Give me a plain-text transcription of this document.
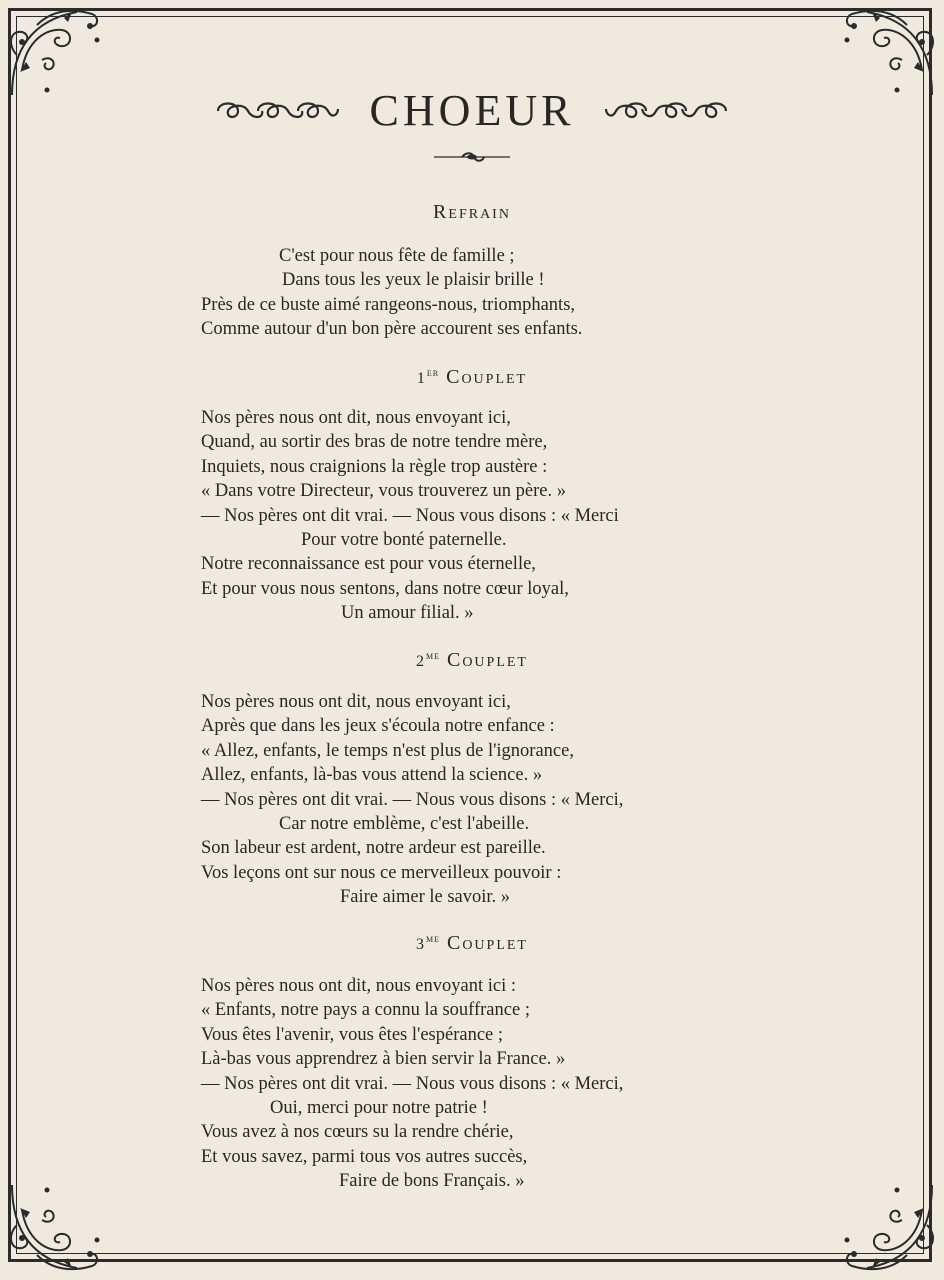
CHOEUR
Refrain
C'est pour nous fête de famille ;
Dans tous les yeux le plaisir brille !
Près de ce buste aimé rangeons-nous, triomphants,
Comme autour d'un bon père accourent ses enfants.
1ER Couplet
Nos pères nous ont dit, nous envoyant ici,
Quand, au sortir des bras de notre tendre mère,
Inquiets, nous craignions la règle trop austère :
« Dans votre Directeur, vous trouverez un père. »
— Nos pères ont dit vrai. — Nous vous disons : « Merci
Pour votre bonté paternelle.
Notre reconnaissance est pour vous éternelle,
Et pour vous nous sentons, dans notre cœur loyal,
Un amour filial. »
$2^{ME}$ Couplet
Nos pères nous ont dit, nous envoyant ici,
Après que dans les jeux s'écoula notre enfance :
« Allez, enfants, le temps n'est plus de l'ignorance,
Allez, enfants, là-bas vous attend la science. »
— Nos pères ont dit vrai. — Nous vous disons : « Merci,
Car notre emblème, c'est l'abeille.
Son labeur est ardent, notre ardeur est pareille.
Vos leçons ont sur nous ce merveilleux pouvoir :
Faire aimer le savoir. »
$3^{ME}$ Couplet
Nos pères nous ont dit, nous envoyant ici :
« Enfants, notre pays a connu la souffrance ;
Vous êtes l'avenir, vous êtes l'espérance ;
Là-bas vous apprendrez à bien servir la France. »
— Nos pères ont dit vrai. — Nous vous disons : « Merci,
Oui, merci pour notre patrie !
Vous avez à nos cœurs su la rendre chérie,
Et vous savez, parmi tous vos autres succès,
Faire de bons Français. »
